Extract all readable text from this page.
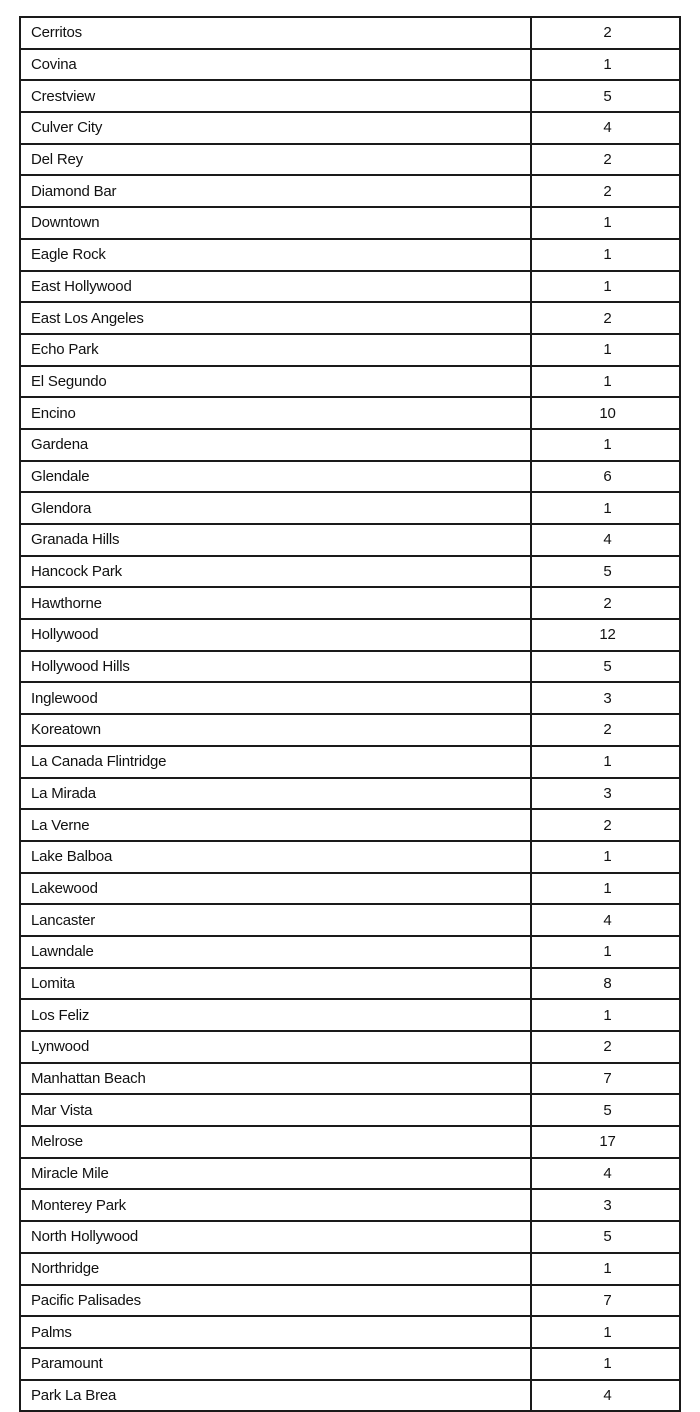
Cerritos	2
Covina	1
Crestview	5
Culver City	4
Del Rey	2
Diamond Bar	2
Downtown	1
Eagle Rock	1
East Hollywood	1
East Los Angeles	2
Echo Park	1
El Segundo	1
Encino	10
Gardena	1
Glendale	6
Glendora	1
Granada Hills	4
Hancock Park	5
Hawthorne	2
Hollywood	12
Hollywood Hills	5
Inglewood	3
Koreatown	2
La Canada Flintridge	1
La Mirada	3
La Verne	2
Lake Balboa	1
Lakewood	1
Lancaster	4
Lawndale	1
Lomita	8
Los Feliz	1
Lynwood	2
Manhattan Beach	7
Mar Vista	5
Melrose	17
Miracle Mile	4
Monterey Park	3
North Hollywood	5
Northridge	1
Pacific Palisades	7
Palms	1
Paramount	1
Park La Brea	4
